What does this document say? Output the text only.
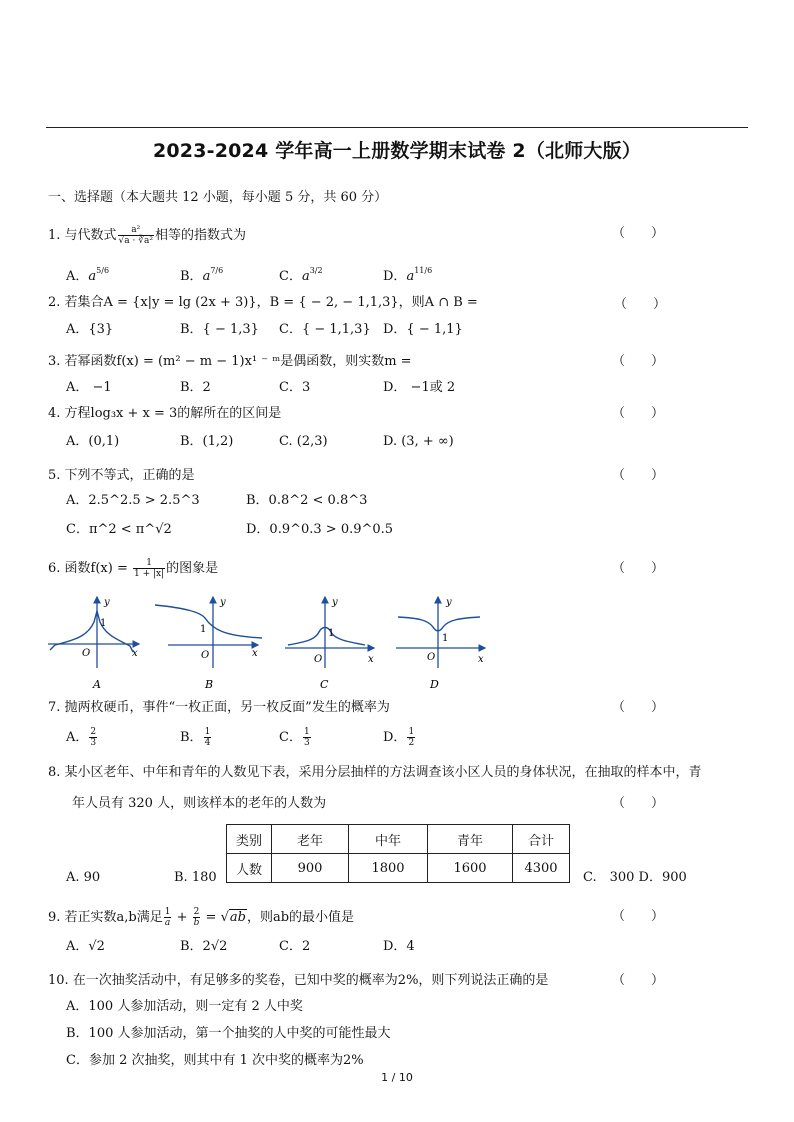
2023-2024 学年高一上册数学期末试卷 2（北师大版）
一、选择题（本大题共 12 小题，每小题 5 分，共 60 分）
1. 与代数式 $\frac{\text{a²}}{\text{√a · ∛a²}}$ 相等的指数式为	（　　）
A．$a^{5/6}$	B．$a^{7/6}$	C．$a^{3/2}$	D．$a^{11/6}$
2. 若集合A = {x|y = lg (2x + 3)}，B = { − 2, − 1,1,3}，则A ∩ B =	（　　）
A．{3}	B．{ − 1,3} C．{ − 1,1,3} D．{ − 1,1}
3. 若幂函数f(x) = (m² − m − 1)x¹ ⁻ ᵐ是偶函数，则实数m =	（　　）
A． −1	B．2	C．3	D． −1或 2
4. 方程log₃x + x = 3的解所在的区间是	（　　）
A．(0,1)	B．(1,2)	C. (2,3)	D. (3, + ∞)
5. 下列不等式，正确的是	（　　）
A．2.5^2.5 > 2.5^3	B．0.8^2 < 0.8^3
C．π^2 < π^√2	D．0.9^0.3 > 0.9^0.5
6. 函数$f(x) = \frac{1}{1 + |x|}$ 的图象是	（　　）
y
x
O
1
A
y
x
O
1
B
y
x
O
1
C
y
x
O
1
D
7. 抛两枚硬币，事件“一枚正面，另一枚反面”发生的概率为	（　　）
A． $\frac{2}{3}$	B． $\frac{1}{4}$	C． $\frac{1}{3}$	D． $\frac{1}{2}$
8. 某小区老年、中年和青年的人数见下表，采用分层抽样的方法调查该小区人员的身体状况，在抽取的样本中，青
年人员有 320 人，则该样本的老年的人数为	（　　）
类别	老年	中年	青年	合计
人数	900	1800	1600	4300
A. 90	B. 180	C.　300 D．900
9. 若正实数a,b满足 $\frac{1}{a} + \frac{2}{b} = √ab$，则ab的最小值是	（　　）
A．√2	B．2√2	C．2	D．4
10. 在一次抽奖活动中，有足够多的奖卷，已知中奖的概率为2%，则下列说法正确的是	（　　）
A．100 人参加活动，则一定有 2 人中奖
B．100 人参加活动，第一个抽奖的人中奖的可能性最大
C．参加 2 次抽奖，则其中有 1 次中奖的概率为2%
1 / 10
